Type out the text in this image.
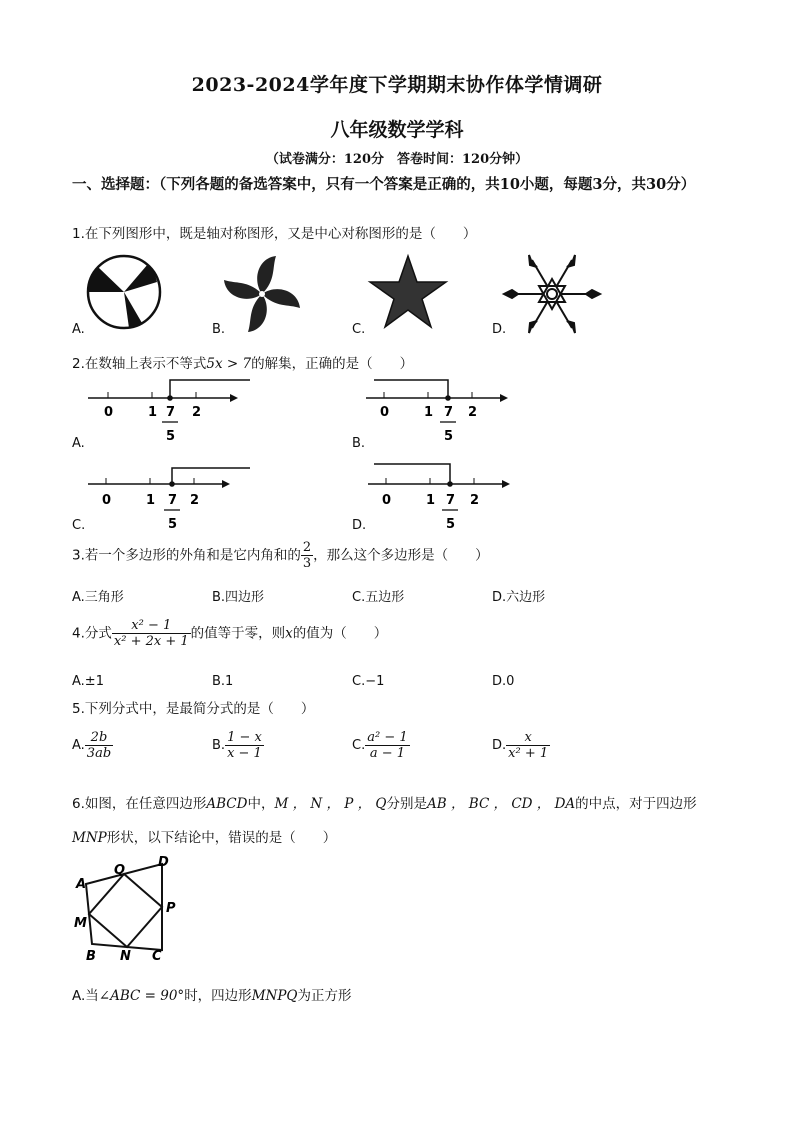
2023-2024学年度下学期期末协作体学情调研
八年级数学学科
（试卷满分：120分　答卷时间：120分钟）
一、选择题：（下列各题的备选答案中，只有一个答案是正确的，共10小题，每题3分，共30分）
1.在下列图形中，既是轴对称图形，又是中心对称图形的是（　　）
A.	B.	C.	D.
2.在数轴上表示不等式5x > 7的解集，正确的是（　　）
0	1 7
5
2
A.
0	1 7
5
2
B.
0	1 7
5
2
C.
0	1 7
5
2
D.
3.若一个多边形的外角和是它内角和的 $\frac{2}{3}$ ，那么这个多边形是（　　）
A.三角形	B.四边形	C.五边形	D.六边形
4.分式 $\frac{\text{x² − 1}}{\text{x² + 2x + 1}}$ 的值等于零，则x的值为（　　）
A.±1	B.1	C.−1	D.0
5.下列分式中，是最简分式的是（　　）
A. $\frac{2b}{3ab}$	B. $\frac{1 - x}{x - 1}$	C. $\frac{\text{a² − 1}}{a - 1}$	D. $\frac{x}{\text{x² + 1}}$
6.如图，在任意四边形ABCD中，M ， N ， P ， Q分别是AB ， BC ， CD ， DA的中点，对于四边形
MNP形状，以下结论中，错误的是（　　）
A
B	C
D
M
N
P
Q
A.当∠ABC = 90°时，四边形MNPQ为正方形
